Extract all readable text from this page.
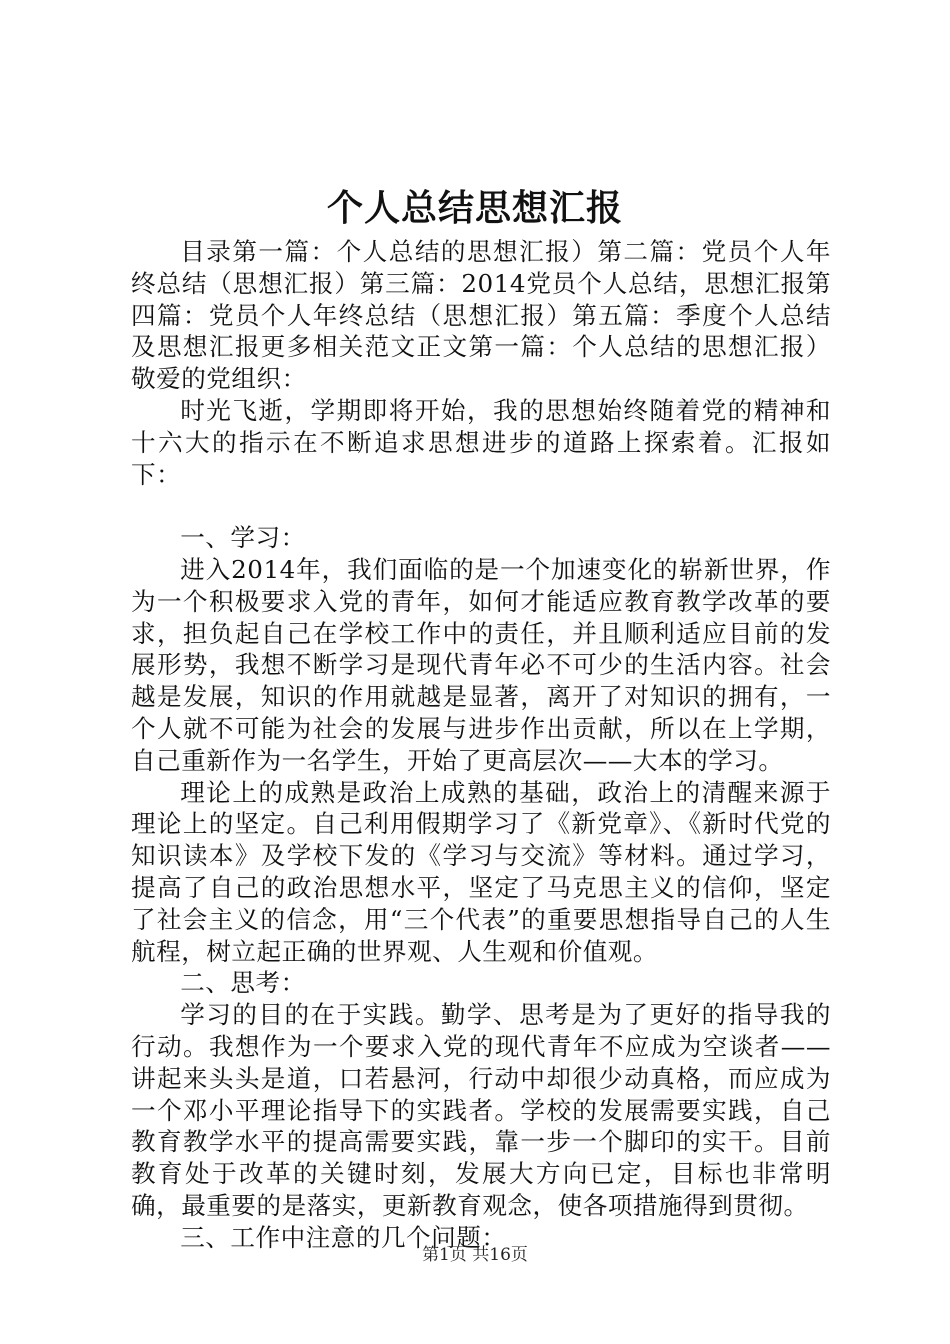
个人总结思想汇报

目录第一篇：个人总结的思想汇报）第二篇：党员个人年终总结（思想汇报）第三篇：2014党员个人总结，思想汇报第四篇：党员个人年终总结（思想汇报）第五篇：季度个人总结及思想汇报更多相关范文正文第一篇：个人总结的思想汇报）敬爱的党组织：

时光飞逝，学期即将开始，我的思想始终随着党的精神和十六大的指示在不断追求思想进步的道路上探索着。汇报如下：

一、学习：

进入2014年，我们面临的是一个加速变化的崭新世界，作为一个积极要求入党的青年，如何才能适应教育教学改革的要求，担负起自己在学校工作中的责任，并且顺利适应目前的发展形势，我想不断学习是现代青年必不可少的生活内容。社会越是发展，知识的作用就越是显著，离开了对知识的拥有，一个人就不可能为社会的发展与进步作出贡献，所以在上学期，自己重新作为一名学生，开始了更高层次——大本的学习。

理论上的成熟是政治上成熟的基础，政治上的清醒来源于理论上的坚定。自己利用假期学习了《新党章》、《新时代党的知识读本》及学校下发的《学习与交流》等材料。通过学习，提高了自己的政治思想水平，坚定了马克思主义的信仰，坚定了社会主义的信念，用“三个代表”的重要思想指导自己的人生航程，树立起正确的世界观、人生观和价值观。

二、思考：

学习的目的在于实践。勤学、思考是为了更好的指导我的行动。我想作为一个要求入党的现代青年不应成为空谈者——讲起来头头是道，口若悬河，行动中却很少动真格，而应成为一个邓小平理论指导下的实践者。学校的发展需要实践，自己教育教学水平的提高需要实践，靠一步一个脚印的实干。目前教育处于改革的关键时刻，发展大方向已定，目标也非常明确，最重要的是落实，更新教育观念，使各项措施得到贯彻。

三、工作中注意的几个问题：

第1页 共16页
